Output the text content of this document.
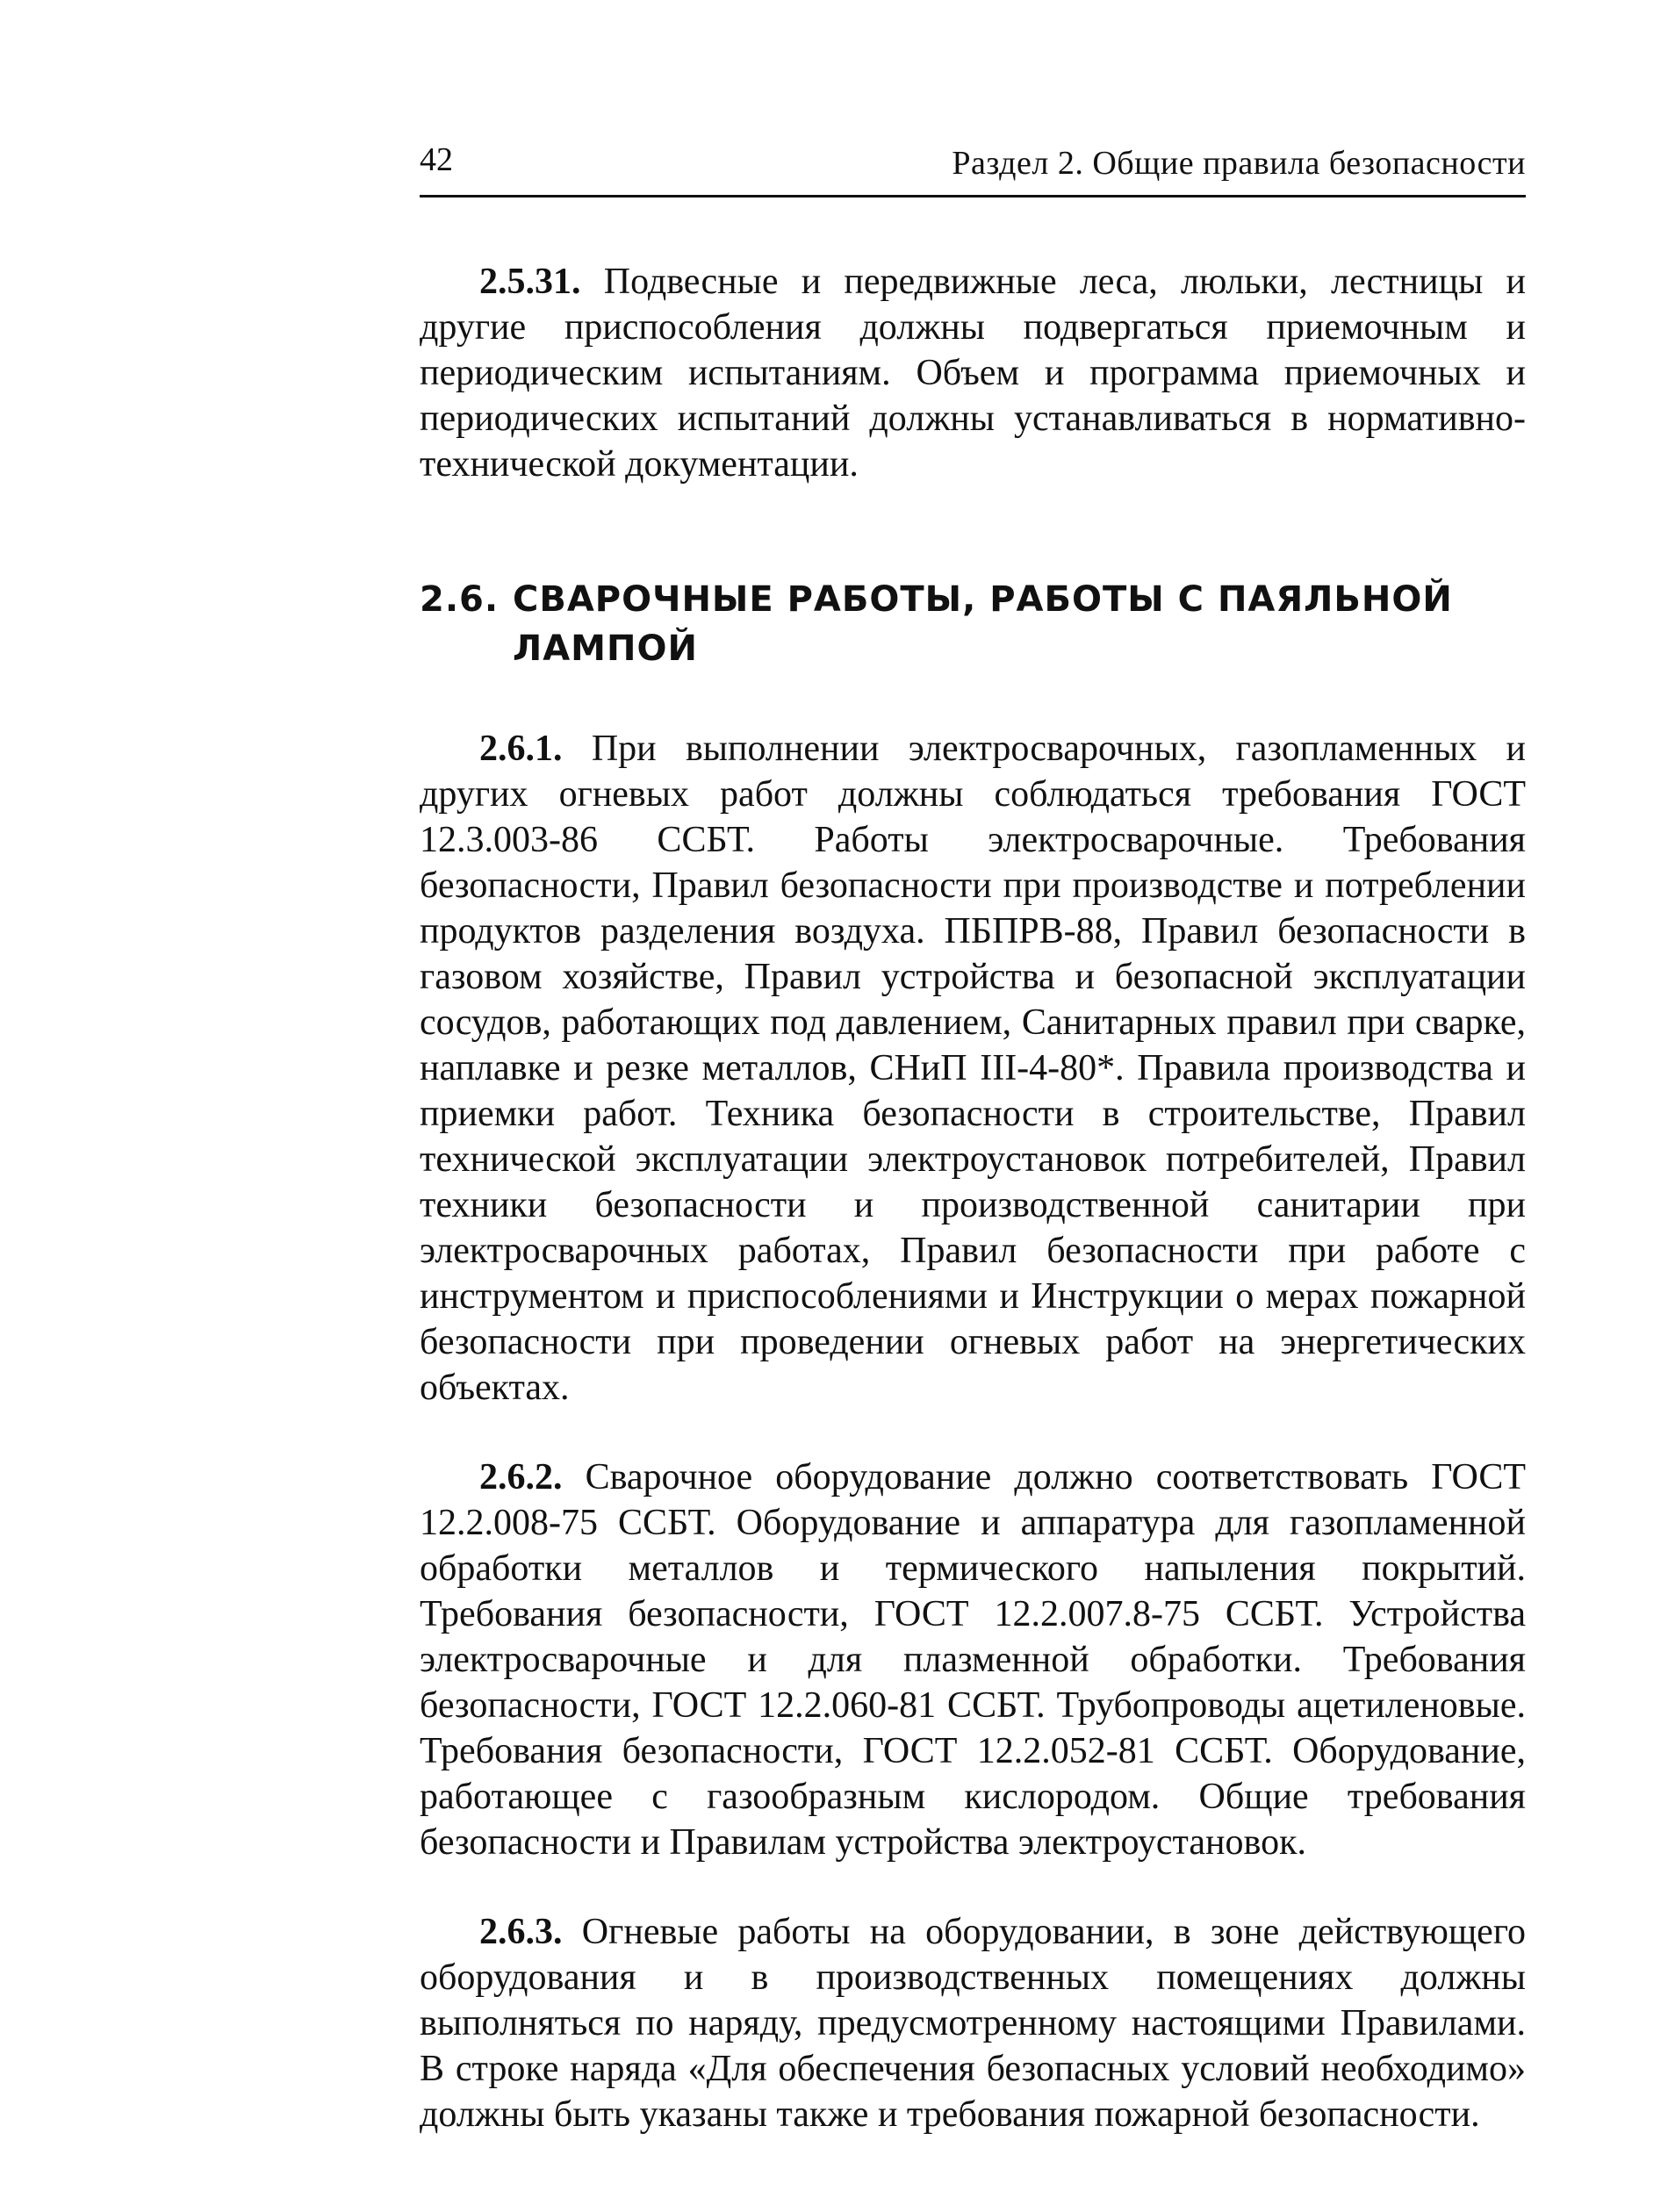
42	Раздел 2. Общие правила безопасности

2.5.31. Подвесные и передвижные леса, люльки, лестницы и другие приспособления должны подвергаться приемочным и периодическим испытаниям. Объем и программа приемочных и периодических испытаний должны устанавливаться в нормативно-технической документации.

2.6. СВАРОЧНЫЕ РАБОТЫ, РАБОТЫ С ПАЯЛЬНОЙ ЛАМПОЙ

2.6.1. При выполнении электросварочных, газопламенных и других огневых работ должны соблюдаться требования ГОСТ 12.3.003-86 ССБТ. Работы электросварочные. Требования безопасности, Правил безопасности при производстве и потреблении продуктов разделения воздуха. ПБПРВ-88, Правил безопасности в газовом хозяйстве, Правил устройства и безопасной эксплуатации сосудов, работающих под давлением, Санитарных правил при сварке, наплавке и резке металлов, СНиП III-4-80*. Правила производства и приемки работ. Техника безопасности в строительстве, Правил технической эксплуатации электроустановок потребителей, Правил техники безопасности и производственной санитарии при электросварочных работах, Правил безопасности при работе с инструментом и приспособлениями и Инструкции о мерах пожарной безопасности при проведении огневых работ на энергетических объектах.

2.6.2. Сварочное оборудование должно соответствовать ГОСТ 12.2.008-75 ССБТ. Оборудование и аппаратура для газопламенной обработки металлов и термического напыления покрытий. Требования безопасности, ГОСТ 12.2.007.8-75 ССБТ. Устройства электросварочные и для плазменной обработки. Требования безопасности, ГОСТ 12.2.060-81 ССБТ. Трубопроводы ацетиленовые. Требования безопасности, ГОСТ 12.2.052-81 ССБТ. Оборудование, работающее с газообразным кислородом. Общие требования безопасности и Правилам устройства электроустановок.

2.6.3. Огневые работы на оборудовании, в зоне действующего оборудования и в производственных помещениях должны выполняться по наряду, предусмотренному настоящими Правилами. В строке наряда «Для обеспечения безопасных условий необходимо» должны быть указаны также и требования пожарной безопасности.
